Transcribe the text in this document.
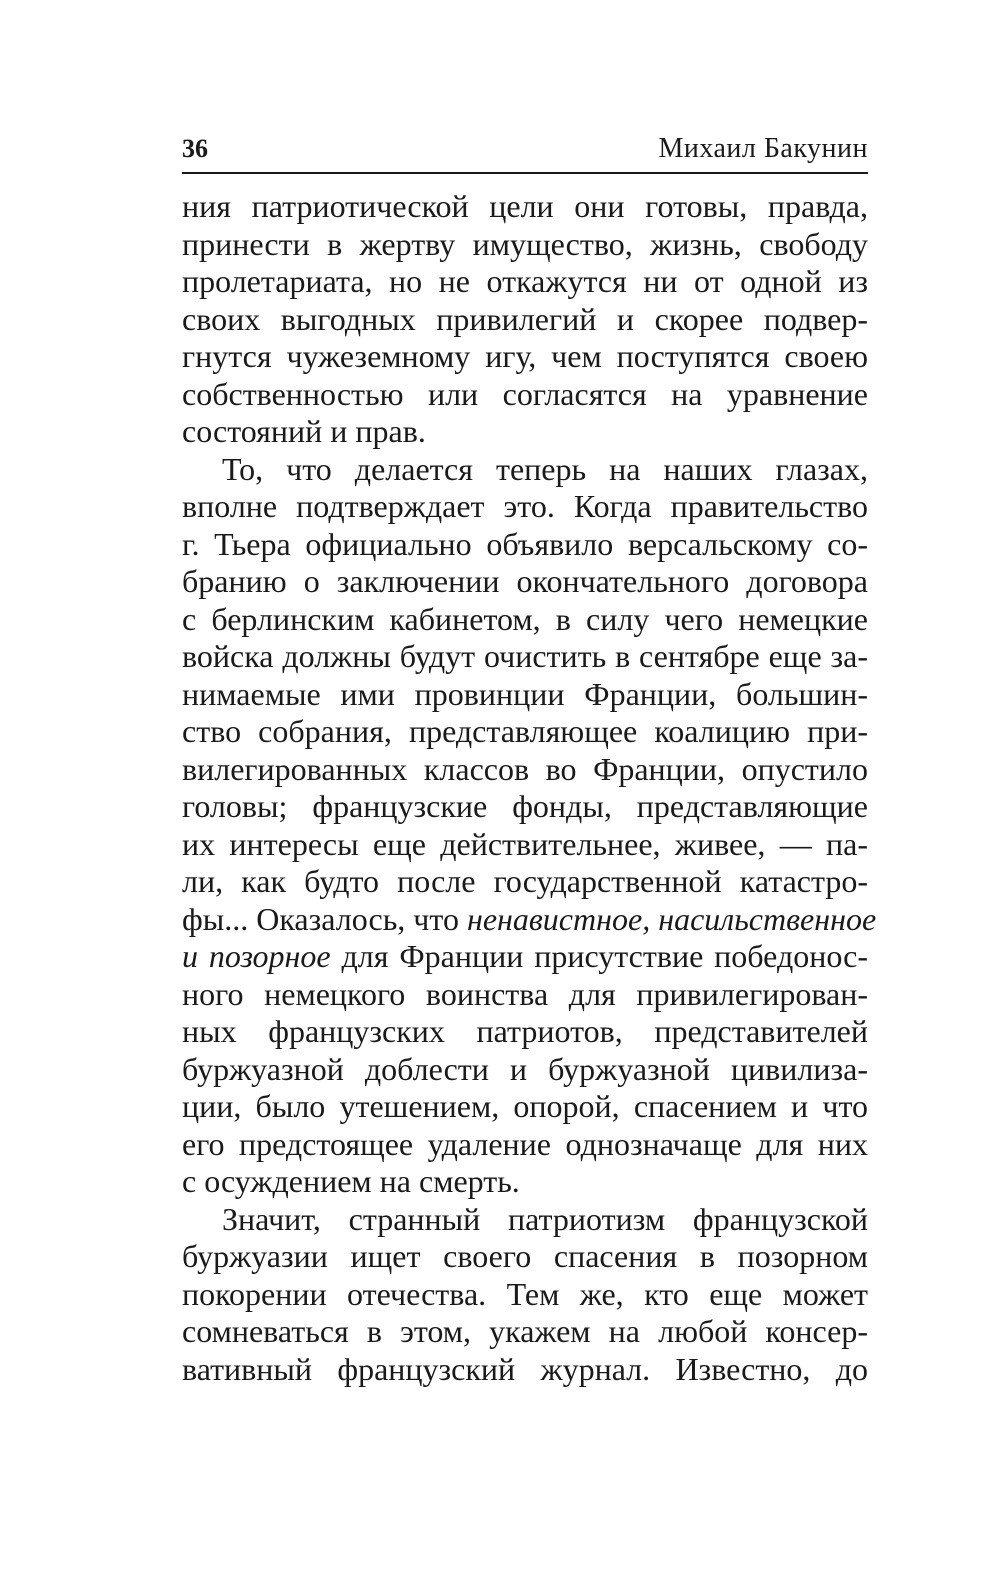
36	Михаил Бакунин
ния патриотической цели они готовы, правда,
принести в жертву имущество, жизнь, свободу
пролетариата, но не откажутся ни от одной из
своих выгодных привилегий и скорее подвер-
гнутся чужеземному игу, чем поступятся своею
собственностью или согласятся на уравнение
состояний и прав.
То, что делается теперь на наших глазах,
вполне подтверждает это. Когда правительство
г. Тьера официально объявило версальскому со-
бранию о заключении окончательного договора
с берлинским кабинетом, в силу чего немецкие
войска должны будут очистить в сентябре еще за-
нимаемые ими провинции Франции, большин-
ство собрания, представляющее коалицию при-
вилегированных классов во Франции, опустило
головы; французские фонды, представляющие
их интересы еще действительнее, живее, — па-
ли, как будто после государственной катастро-
фы... Оказалось, что ненавистное, насильственное
и позорное для Франции присутствие победонос-
ного немецкого воинства для привилегирован-
ных французских патриотов, представителей
буржуазной доблести и буржуазной цивилиза-
ции, было утешением, опорой, спасением и что
его предстоящее удаление однозначаще для них
с осуждением на смерть.
Значит, странный патриотизм французской
буржуазии ищет своего спасения в позорном
покорении отечества. Тем же, кто еще может
сомневаться в этом, укажем на любой консер-
вативный французский журнал. Известно, до
